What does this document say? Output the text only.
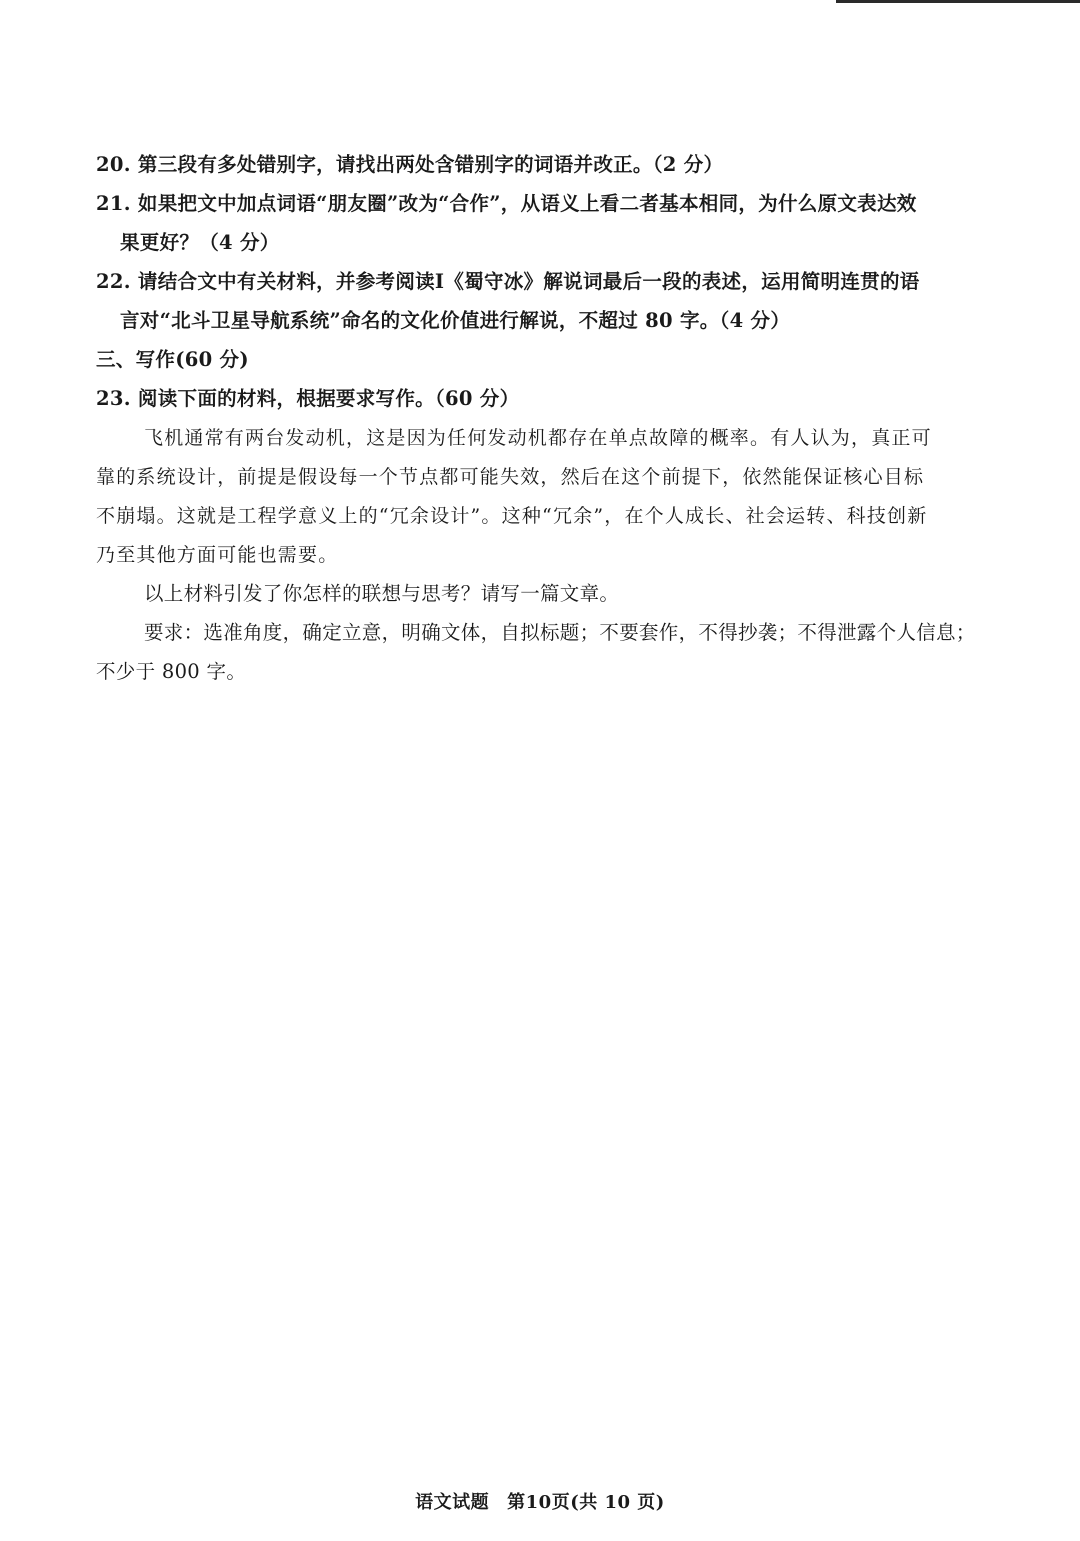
20. 第三段有多处错别字，请找出两处含错别字的词语并改正。（2 分）
21. 如果把文中加点词语“朋友圈”改为“合作”，从语义上看二者基本相同，为什么原文表达效
果更好？（4 分）
22. 请结合文中有关材料，并参考阅读Ⅰ《蜀守冰》解说词最后一段的表述，运用简明连贯的语
言对“北斗卫星导航系统”命名的文化价值进行解说，不超过 80 字。（4 分）
三、写作(60 分)
23. 阅读下面的材料，根据要求写作。（60 分）
飞机通常有两台发动机，这是因为任何发动机都存在单点故障的概率。有人认为，真正可
靠的系统设计，前提是假设每一个节点都可能失效，然后在这个前提下，依然能保证核心目标
不崩塌。这就是工程学意义上的“冗余设计”。这种“冗余”，在个人成长、社会运转、科技创新
乃至其他方面可能也需要。
以上材料引发了你怎样的联想与思考？请写一篇文章。
要求：选准角度，确定立意，明确文体，自拟标题；不要套作，不得抄袭；不得泄露个人信息；
不少于 800 字。
语文试题 第10页(共 10 页)
